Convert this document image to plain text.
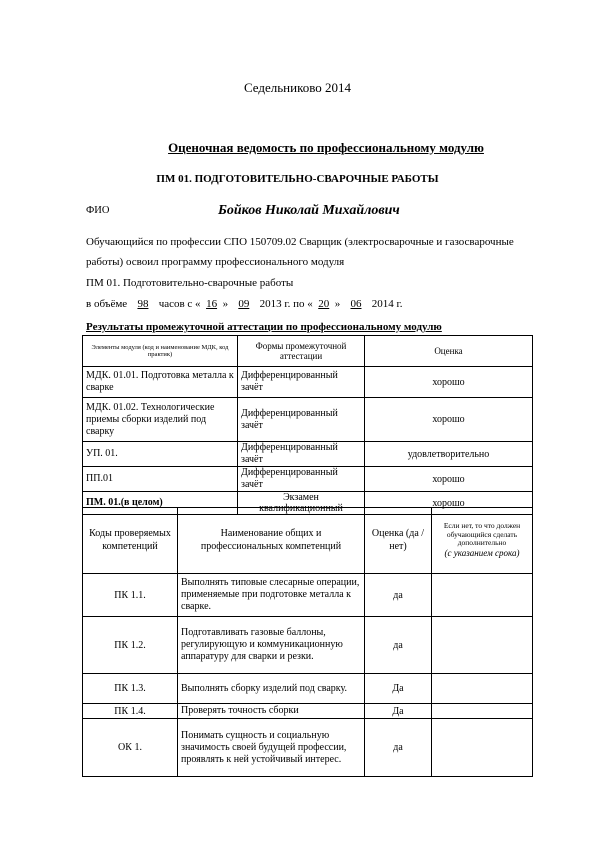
Седельниково 2014
Оценочная ведомость по профессиональному модулю
ПМ 01. ПОДГОТОВИТЕЛЬНО-СВАРОЧНЫЕ РАБОТЫ
ФИО	Бойков Николай Михайлович
Обучающийся по профессии СПО 150709.02 Сварщик (электросварочные и газосварочные
работы) освоил программу профессионального модуля
ПМ 01. Подготовительно-сварочные работы
в объёме 98 часов с « 16 » 09 2013 г. по « 20 » 06 2014 г.
Результаты промежуточной аттестации по профессиональному модулю
Элементы модуля (код и наименование МДК, код практик)	Формы промежуточной аттестации	Оценка
МДК. 01.01. Подготовка металла к сварке	Дифференцированный зачёт	хорошо
МДК. 01.02. Технологические приемы сборки изделий под сварку	Дифференцированный зачёт	хорошо
УП. 01.	Дифференцированный зачёт	удовлетворительно
ПП.01	Дифференцированный зачёт	хорошо
ПМ. 01.(в целом)	Экзамен квалификационный	хорошо
Коды проверяемых компетенций	Наименование общих и профессиональных компетенций	Оценка (да / нет)	Если нет, то что должен обучающийся сделать дополнительно
(с указанием срока)

ПК 1.1.	Выполнять типовые слесарные операции, применяемые при подготовке металла к сварке.	да	
ПК 1.2.	Подготавливать газовые баллоны, регулирующую и коммуникационную аппаратуру для сварки и резки.	да	
ПК 1.3.	Выполнять сборку изделий под сварку.	Да	
ПК 1.4.	Проверять точность сборки	Да	
ОК 1.	Понимать сущность и социальную значимость своей будущей профессии, проявлять к ней устойчивый интерес.	да	
